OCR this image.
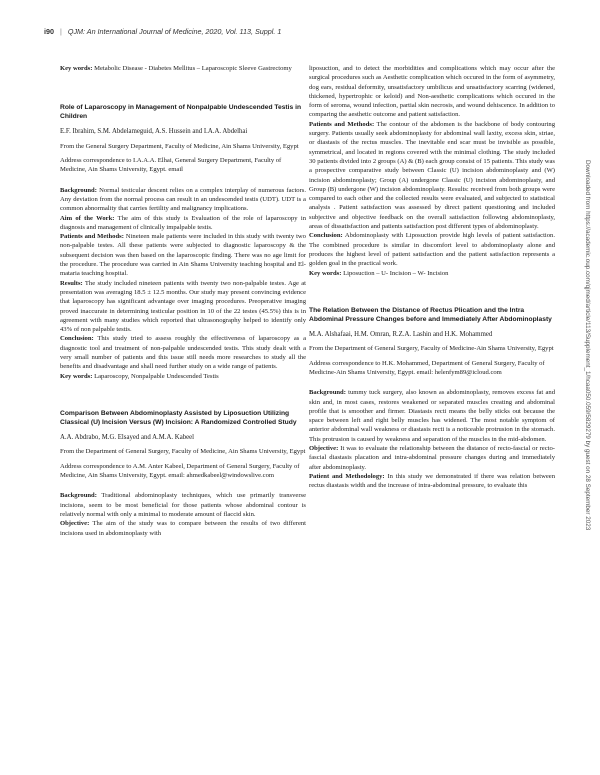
i90 | QJM: An International Journal of Medicine, 2020, Vol. 113, Suppl. 1
Downloaded from https://academic.oup.com/qjmed/article/113/Supplement_1/hcaa050.059/5829279 by guest on 28 September 2023

Key words: Metabolic Disease - Diabetes Mellitus – Laparoscopic Sleeve Gastrectomy

Role of Laparoscopy in Management of Nonpalpable Undescended Testis in Children

E.F. Ibrahim, S.M. Abdelameguid, A.S. Hussein and I.A.A. Abdelhai

From the General Surgery Department, Faculty of Medicine, Ain Shams University, Egypt

Address correspondence to I.A.A.A. Elhai, General Surgery Department, Faculty of Medicine, Ain Shams University, Egypt. email

Background: Normal testicular descent relies on a complex interplay of numerous factors. Any deviation from the normal process can result in an undescended testis (UDT). UDT is a common abnormality that carries fertility and malignancy implications.

Aim of the Work: The aim of this study is Evaluation of the role of laparoscopy in diagnosis and management of clinically impalpable testis.

Patients and Methods: Nineteen male patients were included in this study with twenty two non-palpable testes. All these patients were subjected to diagnostic laparoscopy & the subsequent decision was then based on the laparoscopic finding. There was no age limit for the procedure. The procedure was carried in Ain Shams University teaching hospital and El-mataria teaching hospital.

Results: The study included nineteen patients with twenty two non-palpable testes. Age at presentation was averaging 18.5 ± 12.5 months. Our study may present convincing evidence that laparoscopy has significant advantage over imaging procedures. Preoperative imaging proved inaccurate in determining testicular position in 10 of the 22 testes (45.5%) this is in agreement with many studies which reported that ultrasonography helped to identify only 43% of non palpable testis.

Conclusion: This study tried to assess roughly the effectiveness of laparoscopy as a diagnostic tool and treatment of non-palpable undescended testis. This study dealt with a very small number of patients and this issue still needs more researches to study all the benefits and disadvantage and shall need further study on a wide range of patients.

Key words: Laparoscopy, Nonpalpable Undescended Testis

Comparison Between Abdominoplasty Assisted by Liposuction Utilizing Classical (U) Incision Versus (W) Incision: A Randomized Controlled Study

A.A. Abdrabo, M.G. Elsayed and A.M.A. Kabeel

From the Department of General Surgery, Faculty of Medicine, Ain Shams University, Egypt

Address correspondence to A.M. Anter Kabeel, Department of General Surgery, Faculty of Medicine, Ain Shams University, Egypt. email: ahmedkabeel@windowslive.com

Background: Traditional abdominoplasty techniques, which use primarily transverse incisions, seem to be most beneficial for those patients whose abdominal contour is relatively normal with only a minimal to moderate amount of flaccid skin.

Objective: The aim of the study was to compare between the results of two different incisions used in abdominoplasty with

liposuction, and to detect the morbidities and complications which may occur after the surgical procedures such as Aesthetic complication which occured in the form of asymmetry, dog ears, residual deformity, unsatisfactory umbilicus and unsatisfactory scarring (widened, thickened, hypertrophic or keloid) and Non-aesthetic complications which occured in the form of seroma, wound infection, partial skin necrosis, and wound dehiscence. In addition to comparing the aesthetic outcome and patient satisfaction.

Patients and Methods: The contour of the abdomen is the backbone of body contouring surgery. Patients usually seek abdominoplasty for abdominal wall laxity, excess skin, striae, or diastasis of the rectus muscles. The inevitable end scar must be invisible as possible, symmetrical, and located in regions covered with the minimal clothing. The study included 30 patients divided into 2 groups (A) & (B) each group consist of 15 patients. This study was a prospective comparative study between Classic (U) incision abdominoplasty and (W) incision abdominoplasty; Group (A) undergone Classic (U) incision abdominoplasty, and Group (B) undergone (W) incision abdominoplasty. Results: received from both groups were compared to each other and the collected results were evaluated, and subjected to statistical analysis . Patient satisfaction was assessed by direct patient questioning and included subjective and objective feedback on the overall satisfaction following abdominoplasty, areas of dissatisfaction and patients satisfaction post different types of abdominoplasty.

Conclusion: Abdominoplasty with Liposuction provide high levels of patient satisfaction. The combined procedure is similar in discomfort level to abdominoplasty alone and produces the highest level of patient satisfaction and the patient satisfaction represents a golden goal in the practical work.

Key words: Liposuction – U- Incision – W- Incision

The Relation Between the Distance of Rectus Plication and the Intra Abdominal Pressure Changes before and Immediately After Abdominoplasty

M.A. Alshafaai, H.M. Omran, R.Z.A. Lashin and H.K. Mohammed

From the Department of General Surgery, Faculty of Medicine-Ain Shams University, Egypt

Address correspondence to H.K. Mohammed, Department of General Surgery, Faculty of Medicine-Ain Shams University, Egypt. email: helenfym89@icloud.com

Background: tummy tuck surgery, also known as abdominoplasty, removes excess fat and skin and, in most cases, restores weakened or separated muscles creating and abdominal profile that is smoother and firmer. Diastasis recti means the belly sticks out because the space between left and right belly muscles has widened. The most notable symptom of anterior abdominal wall weakness or diastasis recti is a noticeable protrusion in the stomach. This protrusion is caused by weakness and separation of the muscles in the mid-abdomen.

Objective: It was to evaluate the relationship between the distance of recto-fascial or recto-fascial diastasis placation and intra-abdominal pressure changes during and immediately after abdominoplasty.

Patient and Methodology: In this study we demonstrated if there was relation between rectus diastasis width and the increase of intra-abdominal pressure, to evaluate this
